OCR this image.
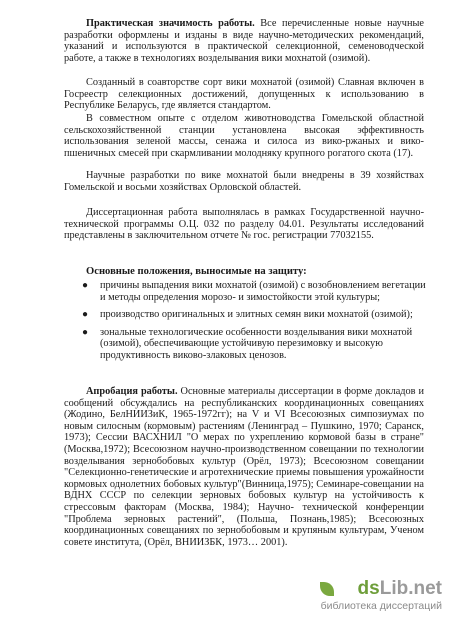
Практическая значимость работы. Все перечисленные новые научные разработки оформлены и изданы в виде научно-методических рекомендаций, указаний и используются в практической селекционной, семеноводческой работе, а также в технологиях возделывания вики мохнатой (озимой).

Созданный в соавторстве сорт вики мохнатой (озимой) Славная включен в Госреестр селекционных достижений, допущенных к использованию в Республике Беларусь, где является стандартом.

В совместном опыте с отделом животноводства Гомельской областной сельскохозяйственной станции установлена высокая эффективность использования зеленой массы, сенажа и силоса из вико-ржаных и вико-пшеничных смесей при скармливании молодняку крупного рогатого скота (17).

Научные разработки по вике мохнатой были внедрены в 39 хозяйствах Гомельской и восьми хозяйствах Орловской областей.

Диссертационная работа выполнялась в рамках Государственной научно-технической программы О.Ц. 032 по разделу 04.01. Результаты исследований представлены в заключительном отчете № гос. регистрации 77032155.

Основные положения, выносимые на защиту:

● причины выпадения вики мохнатой (озимой) с возобновлением вегетации и методы определения морозо- и зимостойкости этой культуры;
● производство оригинальных и элитных семян вики мохнатой (озимой);
● зональные технологические особенности возделывания вики мохнатой (озимой), обеспечивающие устойчивую перезимовку и высокую продуктивность виково-злаковых ценозов.

Апробация работы. Основные материалы диссертации в форме докладов и сообщений обсуждались на республиканских координационных совещаниях (Жодино, БелНИИЗиК, 1965-1972гг); на V и VI Всесоюзных симпозиумах по новым силосным (кормовым) растениям (Ленинград – Пушкино, 1970; Саранск, 1973); Сессии ВАСХНИЛ "О мерах по ухреплению кормовой базы в стране" (Москва,1972); Всесоюзном научно-производственном совещании по технологии возделывания зернобобовых культур (Орёл, 1973); Всесоюзном совещании "Селекционно-генетические и агротехнические приемы повышения урожайности кормовых однолетних бобовых культур"(Винница,1975); Семинаре-совещании на ВДНХ СССР по селекции зерновых бобовых культур на устойчивость к стрессовым факторам (Москва, 1984); Научно- технической конференции "Проблема зерновых растений", (Польша, Познань,1985); Всесоюзных координационных совещаниях по зернобобовым и крупяным культурам, Ученом совете института, (Орёл, ВНИИЗБК, 1973… 2001).

dsLib.net
библиотека диссертаций
